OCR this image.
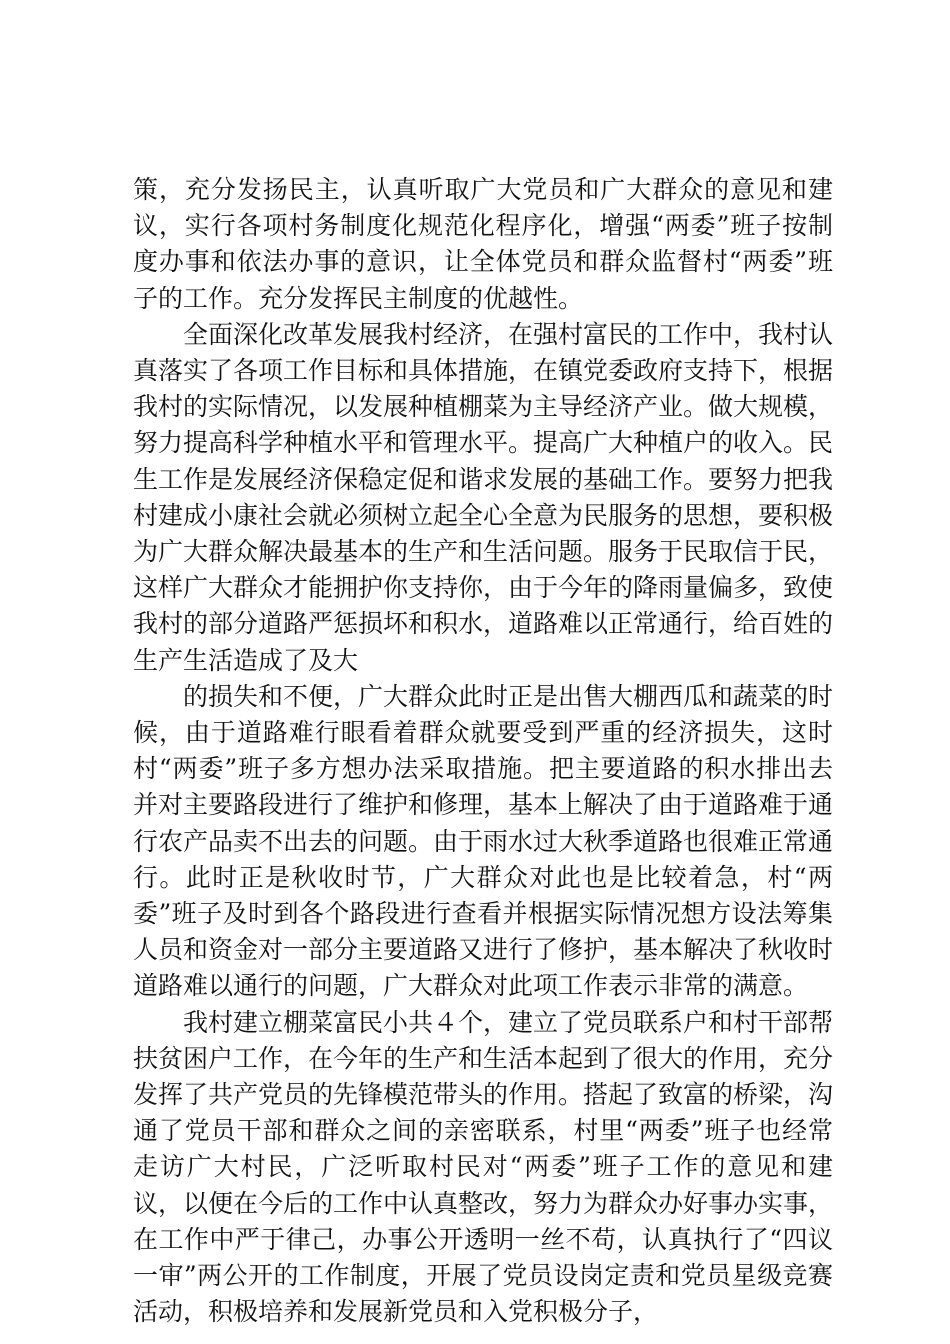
策，充分发扬民主，认真听取广大党员和广大群众的意见和建议，实行各项村务制度化规范化程序化，增强“两委”班子按制度办事和依法办事的意识，让全体党员和群众监督村“两委”班子的工作。充分发挥民主制度的优越性。

全面深化改革发展我村经济，在强村富民的工作中，我村认真落实了各项工作目标和具体措施，在镇党委政府支持下，根据我村的实际情况，以发展种植棚菜为主导经济产业。做大规模，努力提高科学种植水平和管理水平。提高广大种植户的收入。民生工作是发展经济保稳定促和谐求发展的基础工作。要努力把我村建成小康社会就必须树立起全心全意为民服务的思想，要积极为广大群众解决最基本的生产和生活问题。服务于民取信于民，这样广大群众才能拥护你支持你，由于今年的降雨量偏多，致使我村的部分道路严惩损坏和积水，道路难以正常通行，给百姓的生产生活造成了及大

的损失和不便，广大群众此时正是出售大棚西瓜和蔬菜的时候，由于道路难行眼看着群众就要受到严重的经济损失，这时村“两委”班子多方想办法采取措施。把主要道路的积水排出去并对主要路段进行了维护和修理，基本上解决了由于道路难于通行农产品卖不出去的问题。由于雨水过大秋季道路也很难正常通行。此时正是秋收时节，广大群众对此也是比较着急，村“两委”班子及时到各个路段进行查看并根据实际情况想方设法筹集人员和资金对一部分主要道路又进行了修护，基本解决了秋收时道路难以通行的问题，广大群众对此项工作表示非常的满意。

我村建立棚菜富民小共４个，建立了党员联系户和村干部帮扶贫困户工作，在今年的生产和生活本起到了很大的作用，充分发挥了共产党员的先锋模范带头的作用。搭起了致富的桥梁，沟通了党员干部和群众之间的亲密联系，村里“两委”班子也经常走访广大村民，广泛听取村民对“两委”班子工作的意见和建议，以便在今后的工作中认真整改，努力为群众办好事办实事，在工作中严于律己，办事公开透明一丝不苟，认真执行了“四议一审”两公开的工作制度，开展了党员设岗定责和党员星级竞赛活动，积极培养和发展新党员和入党积极分子，
